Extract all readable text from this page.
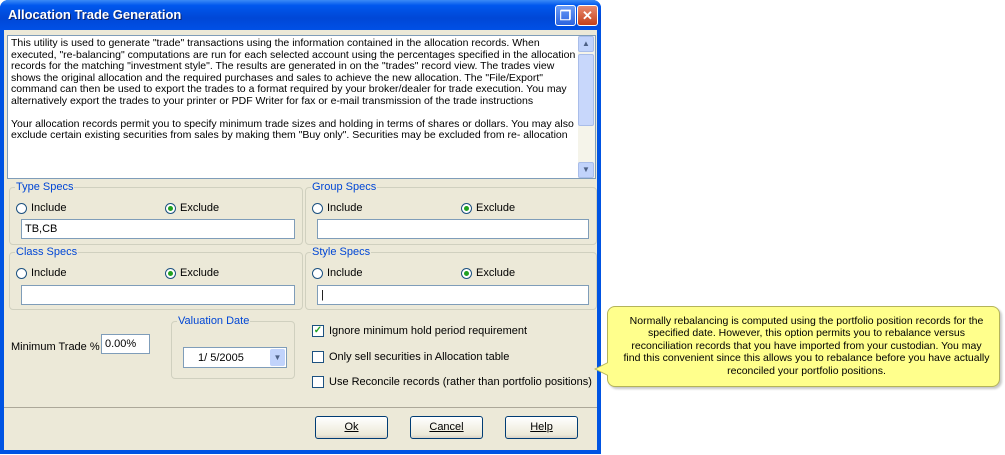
Allocation Trade Generation	❐ ✕

This utility is used to generate "trade" transactions using the information contained in the allocation records. When executed, "re-balancing" computations are run for each selected account using the percentages specified in the allocation records for the matching "investment style". The results are generated in on the "trades" record view. The trades view shows the original allocation and the required purchases and sales to achieve the new allocation. The "File/Export" command can then be used to export the trades to a format required by your broker/dealer for trade execution. You may alternatively export the trades to your printer or PDF Writer for fax or e-mail transmission of the trade instructions

Your allocation records permit you to specify minimum trade sizes and holding in terms of shares or dollars. You may also exclude certain existing securities from sales by making them "Buy only". Securities may be excluded from re- allocation

▲
▼
Type Specs
Include	Exclude
TB,CB
Group Specs
Include	Exclude
Class Specs
Include	Exclude
Style Specs
Include	Exclude
|
Minimum Trade % 0.00%
Valuation Date
1/ 5/2005	▼
✓ Ignore minimum hold period requirement
Only sell securities in Allocation table
Use Reconcile records (rather than portfolio positions)
Ok	Cancel	Help
Normally rebalancing is computed using the portfolio position records for the specified date. However, this option permits you to rebalance versus reconciliation records that you have imported from your custodian. You may find this convenient since this allows you to rebalance before you have actually reconciled your portfolio positions.
